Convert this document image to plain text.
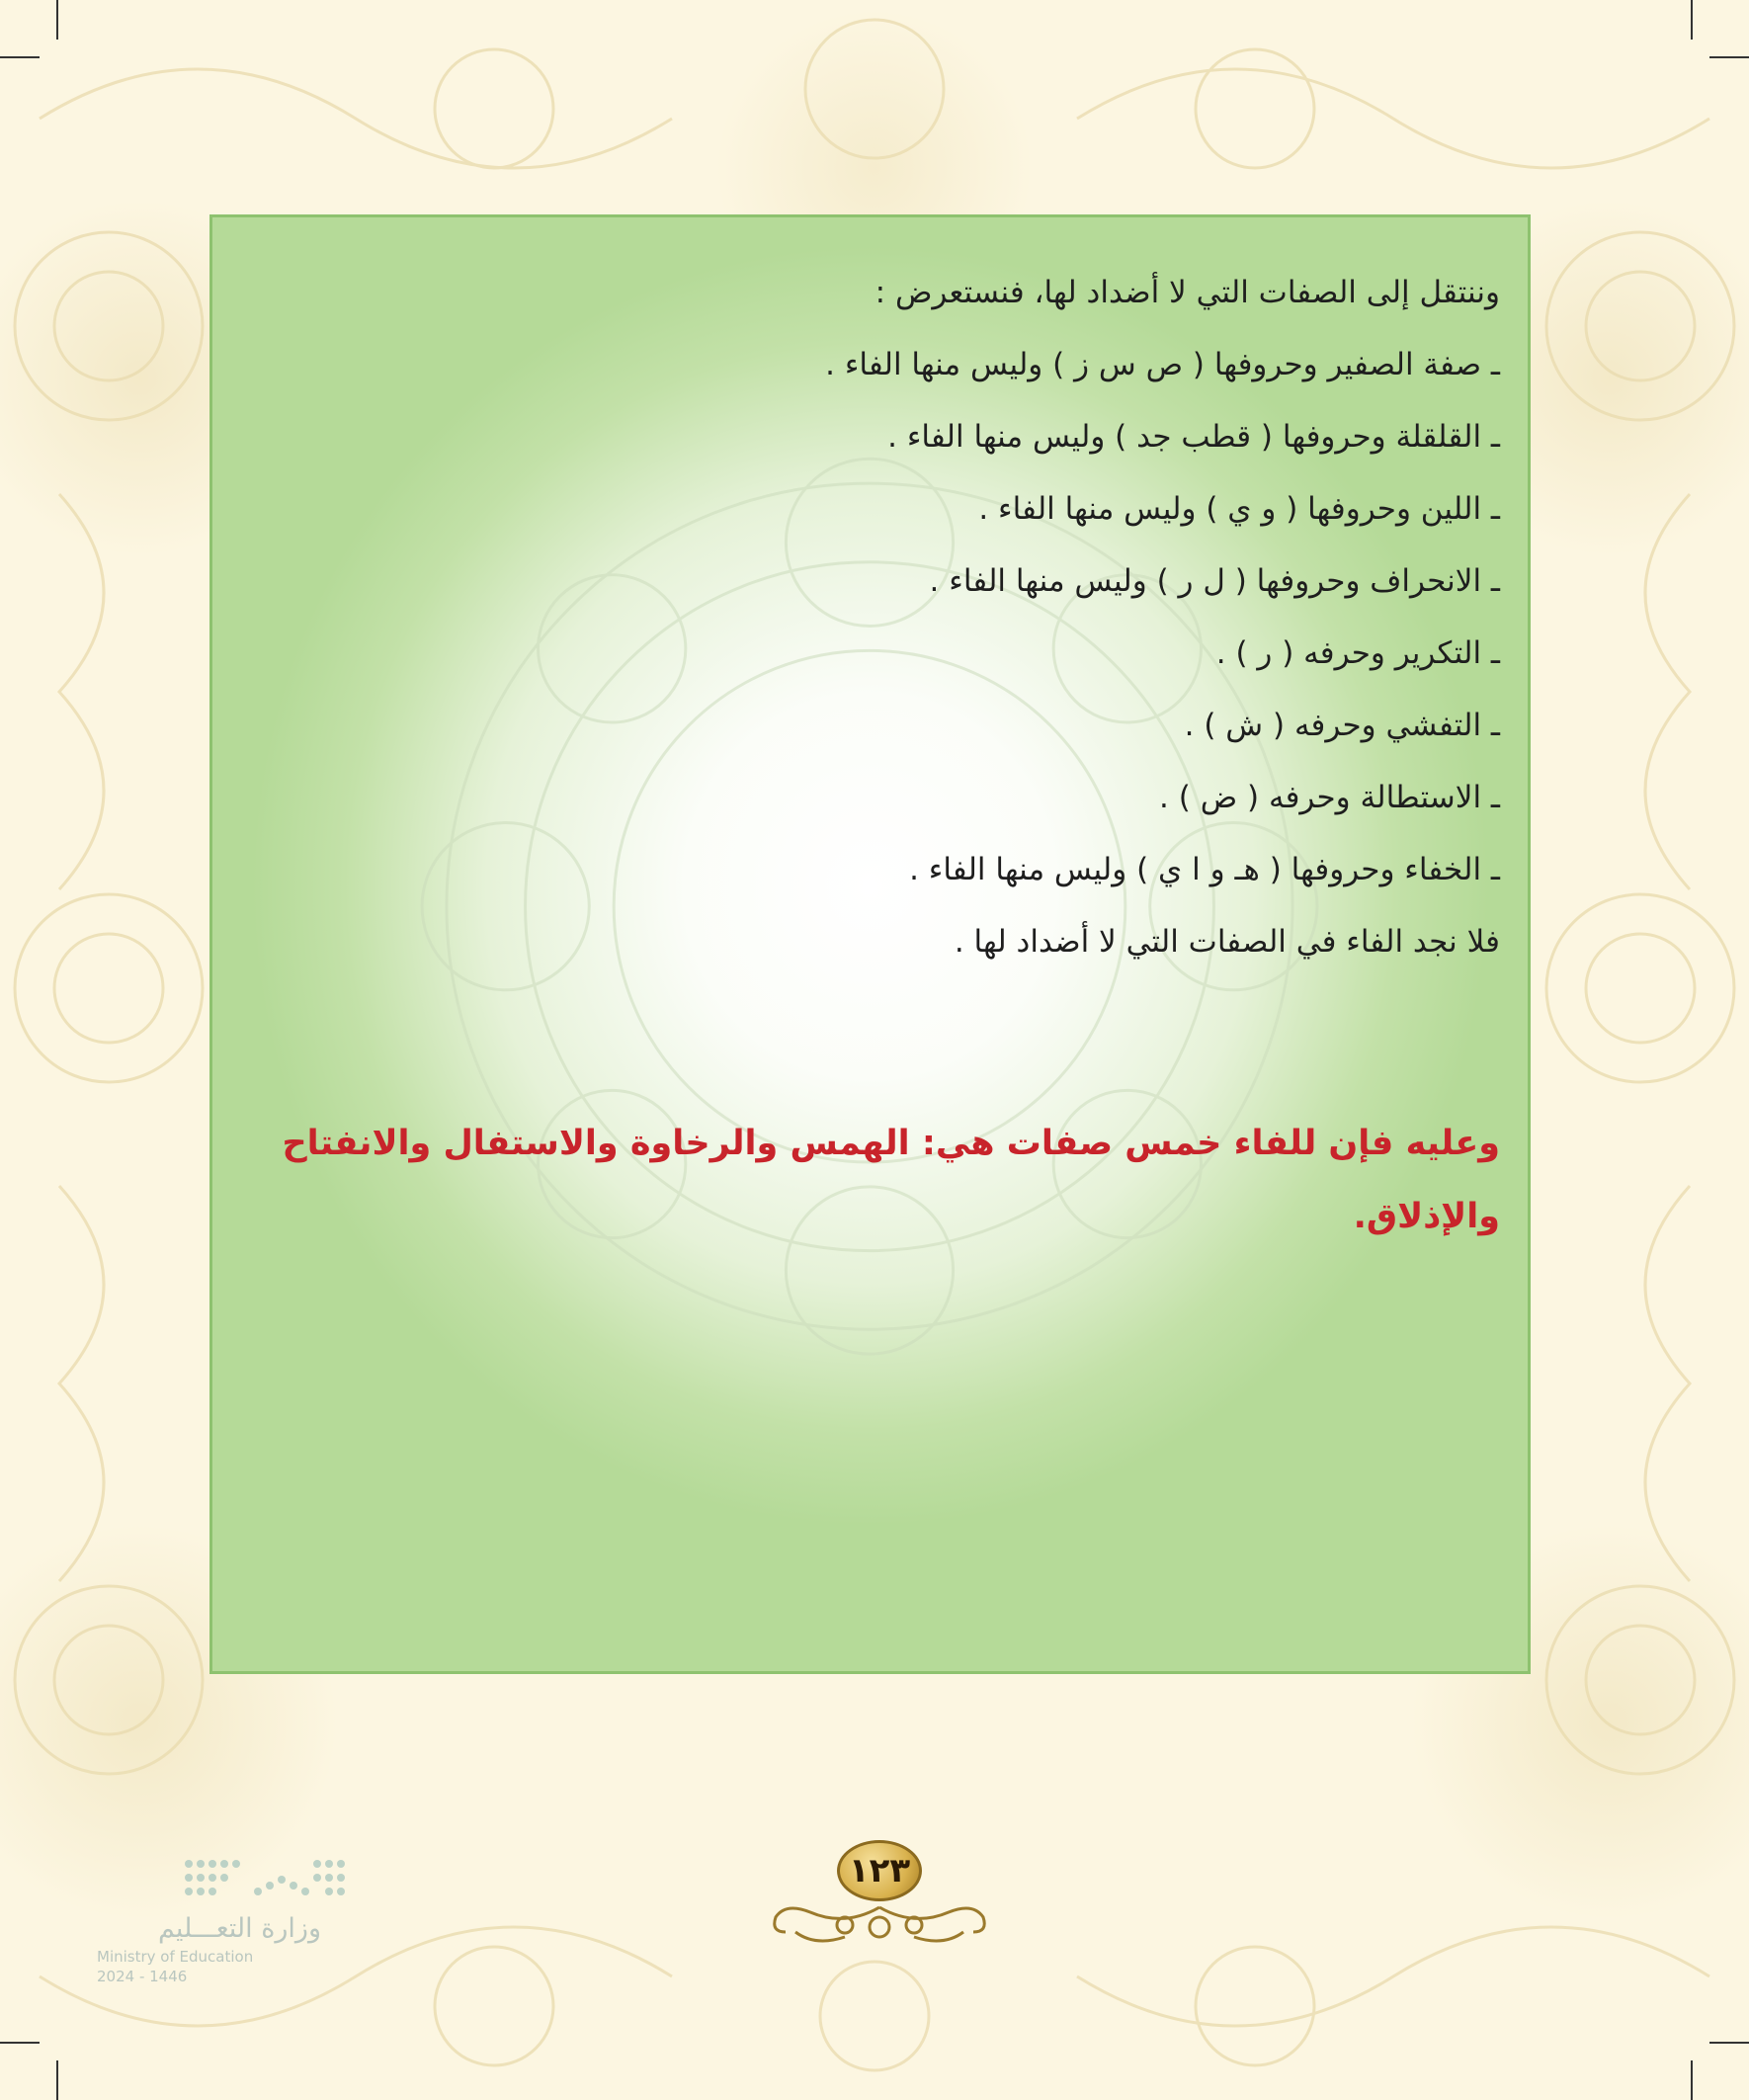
وننتقل إلى الصفات التي لا أضداد لها، فنستعرض :
ـ صفة الصفير وحروفها ( ص س ز ) وليس منها الفاء .
ـ القلقلة وحروفها ( قطب جد ) وليس منها الفاء .
ـ اللين وحروفها ( و ي ) وليس منها الفاء .
ـ الانحراف وحروفها ( ل ر ) وليس منها الفاء .
ـ التكرير وحرفه ( ر ) .
ـ التفشي وحرفه ( ش ) .
ـ الاستطالة وحرفه ( ض ) .
ـ الخفاء وحروفها ( هـ و ا ي ) وليس منها الفاء .
فلا نجد الفاء في الصفات التي لا أضداد لها .
وعليه فإن للفاء خمس صفات هي: الهمس والرخاوة والاستفال والانفتاح والإذلاق.
١٢٣
وزارة التعـــليم
Ministry of Education
2024 - 1446
